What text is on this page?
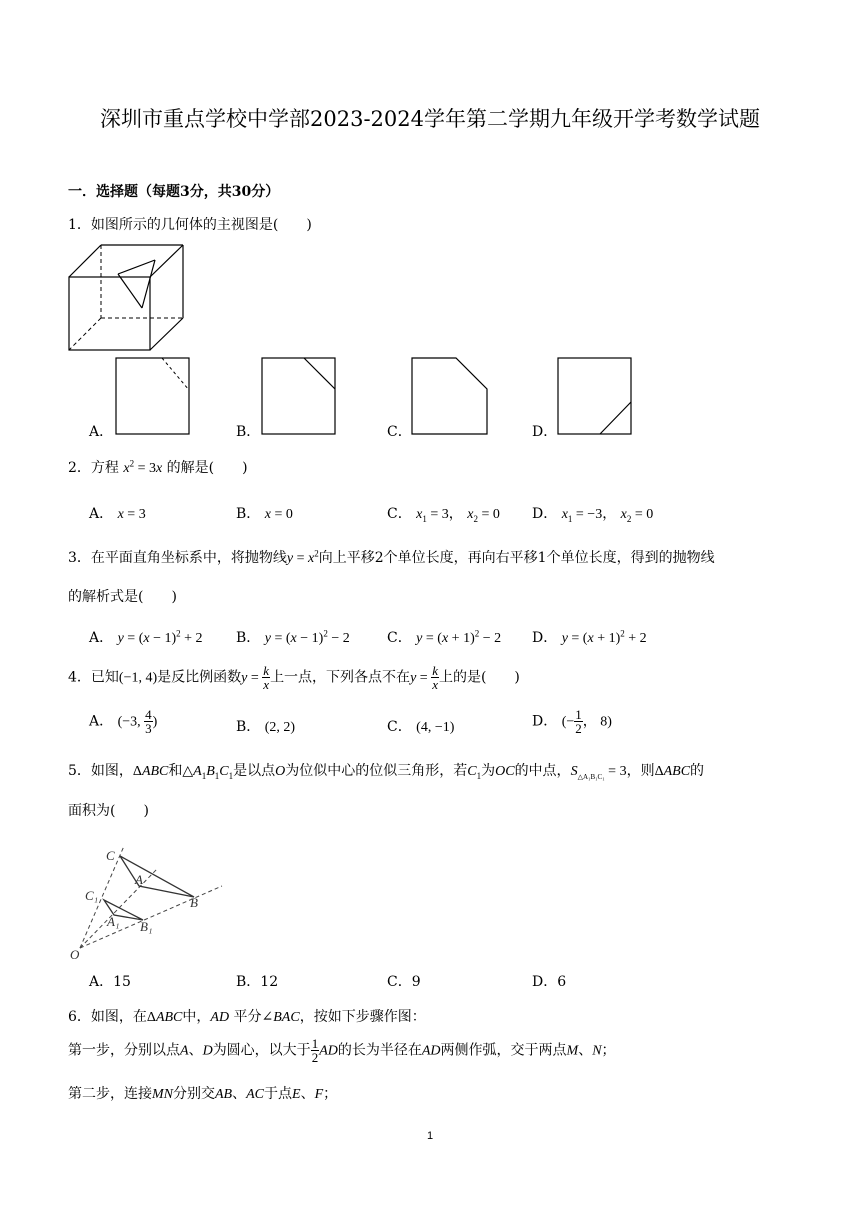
深圳市重点学校中学部2023-2024学年第二学期九年级开学考数学试题
一．选择题（每题3分，共30分）
1．如图所示的几何体的主视图是(　　)
A．	B．	C．	D．
2．方程 $x^2 = 3x$ 的解是(　　)
A． x = 3	B． x = 0	C． $x_1 = 3$， $x_2 = 0$ D． $x_1 = -3$， $x_2 = 0$
3．在平面直角坐标系中，将抛物线$y = x^2$向上平移2个单位长度，再向右平移1个单位长度，得到的抛物线
的解析式是(　　)
A． $y = (x - 1)^2 + 2$ B． $y = (x - 1)^2 - 2$	C． $y = (x + 1)^2 - 2$ D． $y = (x + 1)^2 + 2$
4．已知(−1, 4)是反比例函数$y = \frac{k}{x}$ 上一点，下列各点不在$y = \frac{k}{x}$ 上的是(　　)
A． (−3, $\frac{4}{3}$ )	B． (2, 2)	C． (4, −1)	D． (− $\frac{1}{2}$ ， 8)
5．如图，ΔABC和$\triangle A_1B_1C_1$是以点O为位似中心的位似三角形，若$C_1$为OC的中点，$S_{\triangle A_1B_1C_1} = 3$，则ΔABC的
面积为(　　)
C
C₁
A
A₁
B
B₁
O
A．15	B．12	C．9	D．6
6．如图，在ΔABC中，AD 平分∠BAC，按如下步骤作图：
第一步，分别以点A、D为圆心，以大于 $\frac{1}{2}$ AD的长为半径在AD两侧作弧，交于两点M、N；
第二步，连接MN分别交AB、AC于点E、F；
1
